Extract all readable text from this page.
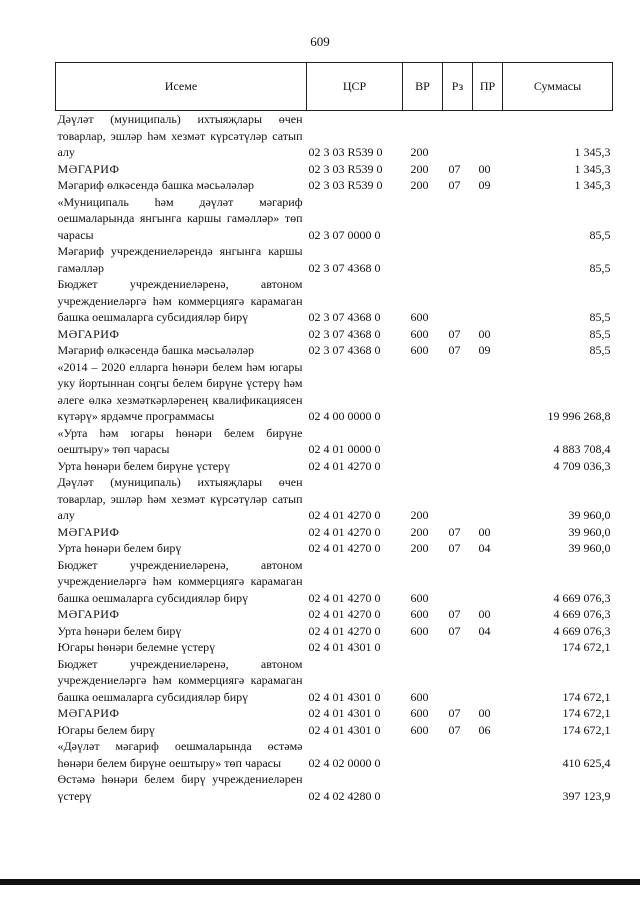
609
Исеме	ЦСР	ВР	Рз	ПР	Суммасы
Дәүләт (муниципаль) ихтыяҗлары өчен товарлар, эшләр һәм хезмәт күрсәтүләр сатып алу	02 3 03 R539 0	200			1 345,3
МӘГАРИФ	02 3 03 R539 0	200	07	00	1 345,3
Мәгариф өлкәсендә башка мәсьәләләр	02 3 03 R539 0	200	07	09	1 345,3
«Муниципаль һәм дәүләт мәгариф оешмаларында янгынга каршы гамәлләр» төп чарасы	02 3 07 0000 0				85,5
Мәгариф учреждениеләрендә янгынга каршы гамәлләр	02 3 07 4368 0				85,5
Бюджет учреждениеләренә, автоном учреждениеләргә һәм коммерциягә карамаган башка оешмаларга субсидияләр бирү	02 3 07 4368 0	600			85,5
МӘГАРИФ	02 3 07 4368 0	600	07	00	85,5
Мәгариф өлкәсендә башка мәсьәләләр	02 3 07 4368 0	600	07	09	85,5
«2014 – 2020 елларга һөнәри белем һәм югары уку йортыннан соңгы белем бирүне үстерү һәм әлеге өлкә хезмәткәрләренең квалификациясен күтәрү» ярдәмче программасы	02 4 00 0000 0				19 996 268,8
«Урта һәм югары һөнәри белем бирүне оештыру» төп чарасы	02 4 01 0000 0				4 883 708,4
Урта һөнәри белем бирүне үстерү	02 4 01 4270 0				4 709 036,3
Дәүләт (муниципаль) ихтыяҗлары өчен товарлар, эшләр һәм хезмәт күрсәтүләр сатып алу	02 4 01 4270 0	200			39 960,0
МӘГАРИФ	02 4 01 4270 0	200	07	00	39 960,0
Урта һөнәри белем бирү	02 4 01 4270 0	200	07	04	39 960,0
Бюджет учреждениеләренә, автоном учреждениеләргә һәм коммерциягә карамаган башка оешмаларга субсидияләр бирү	02 4 01 4270 0	600			4 669 076,3
МӘГАРИФ	02 4 01 4270 0	600	07	00	4 669 076,3
Урта һөнәри белем бирү	02 4 01 4270 0	600	07	04	4 669 076,3
Югары һөнәри белемне үстерү	02 4 01 4301 0				174 672,1
Бюджет учреждениеләренә, автоном учреждениеләргә һәм коммерциягә карамаган башка оешмаларга субсидияләр бирү	02 4 01 4301 0	600			174 672,1
МӘГАРИФ	02 4 01 4301 0	600	07	00	174 672,1
Югары белем бирү	02 4 01 4301 0	600	07	06	174 672,1
«Дәүләт мәгариф оешмаларында өстәмә һөнәри белем бирүне оештыру» төп чарасы	02 4 02 0000 0				410 625,4
Өстәмә һөнәри белем бирү учреждениеләрен үстерү	02 4 02 4280 0				397 123,9
